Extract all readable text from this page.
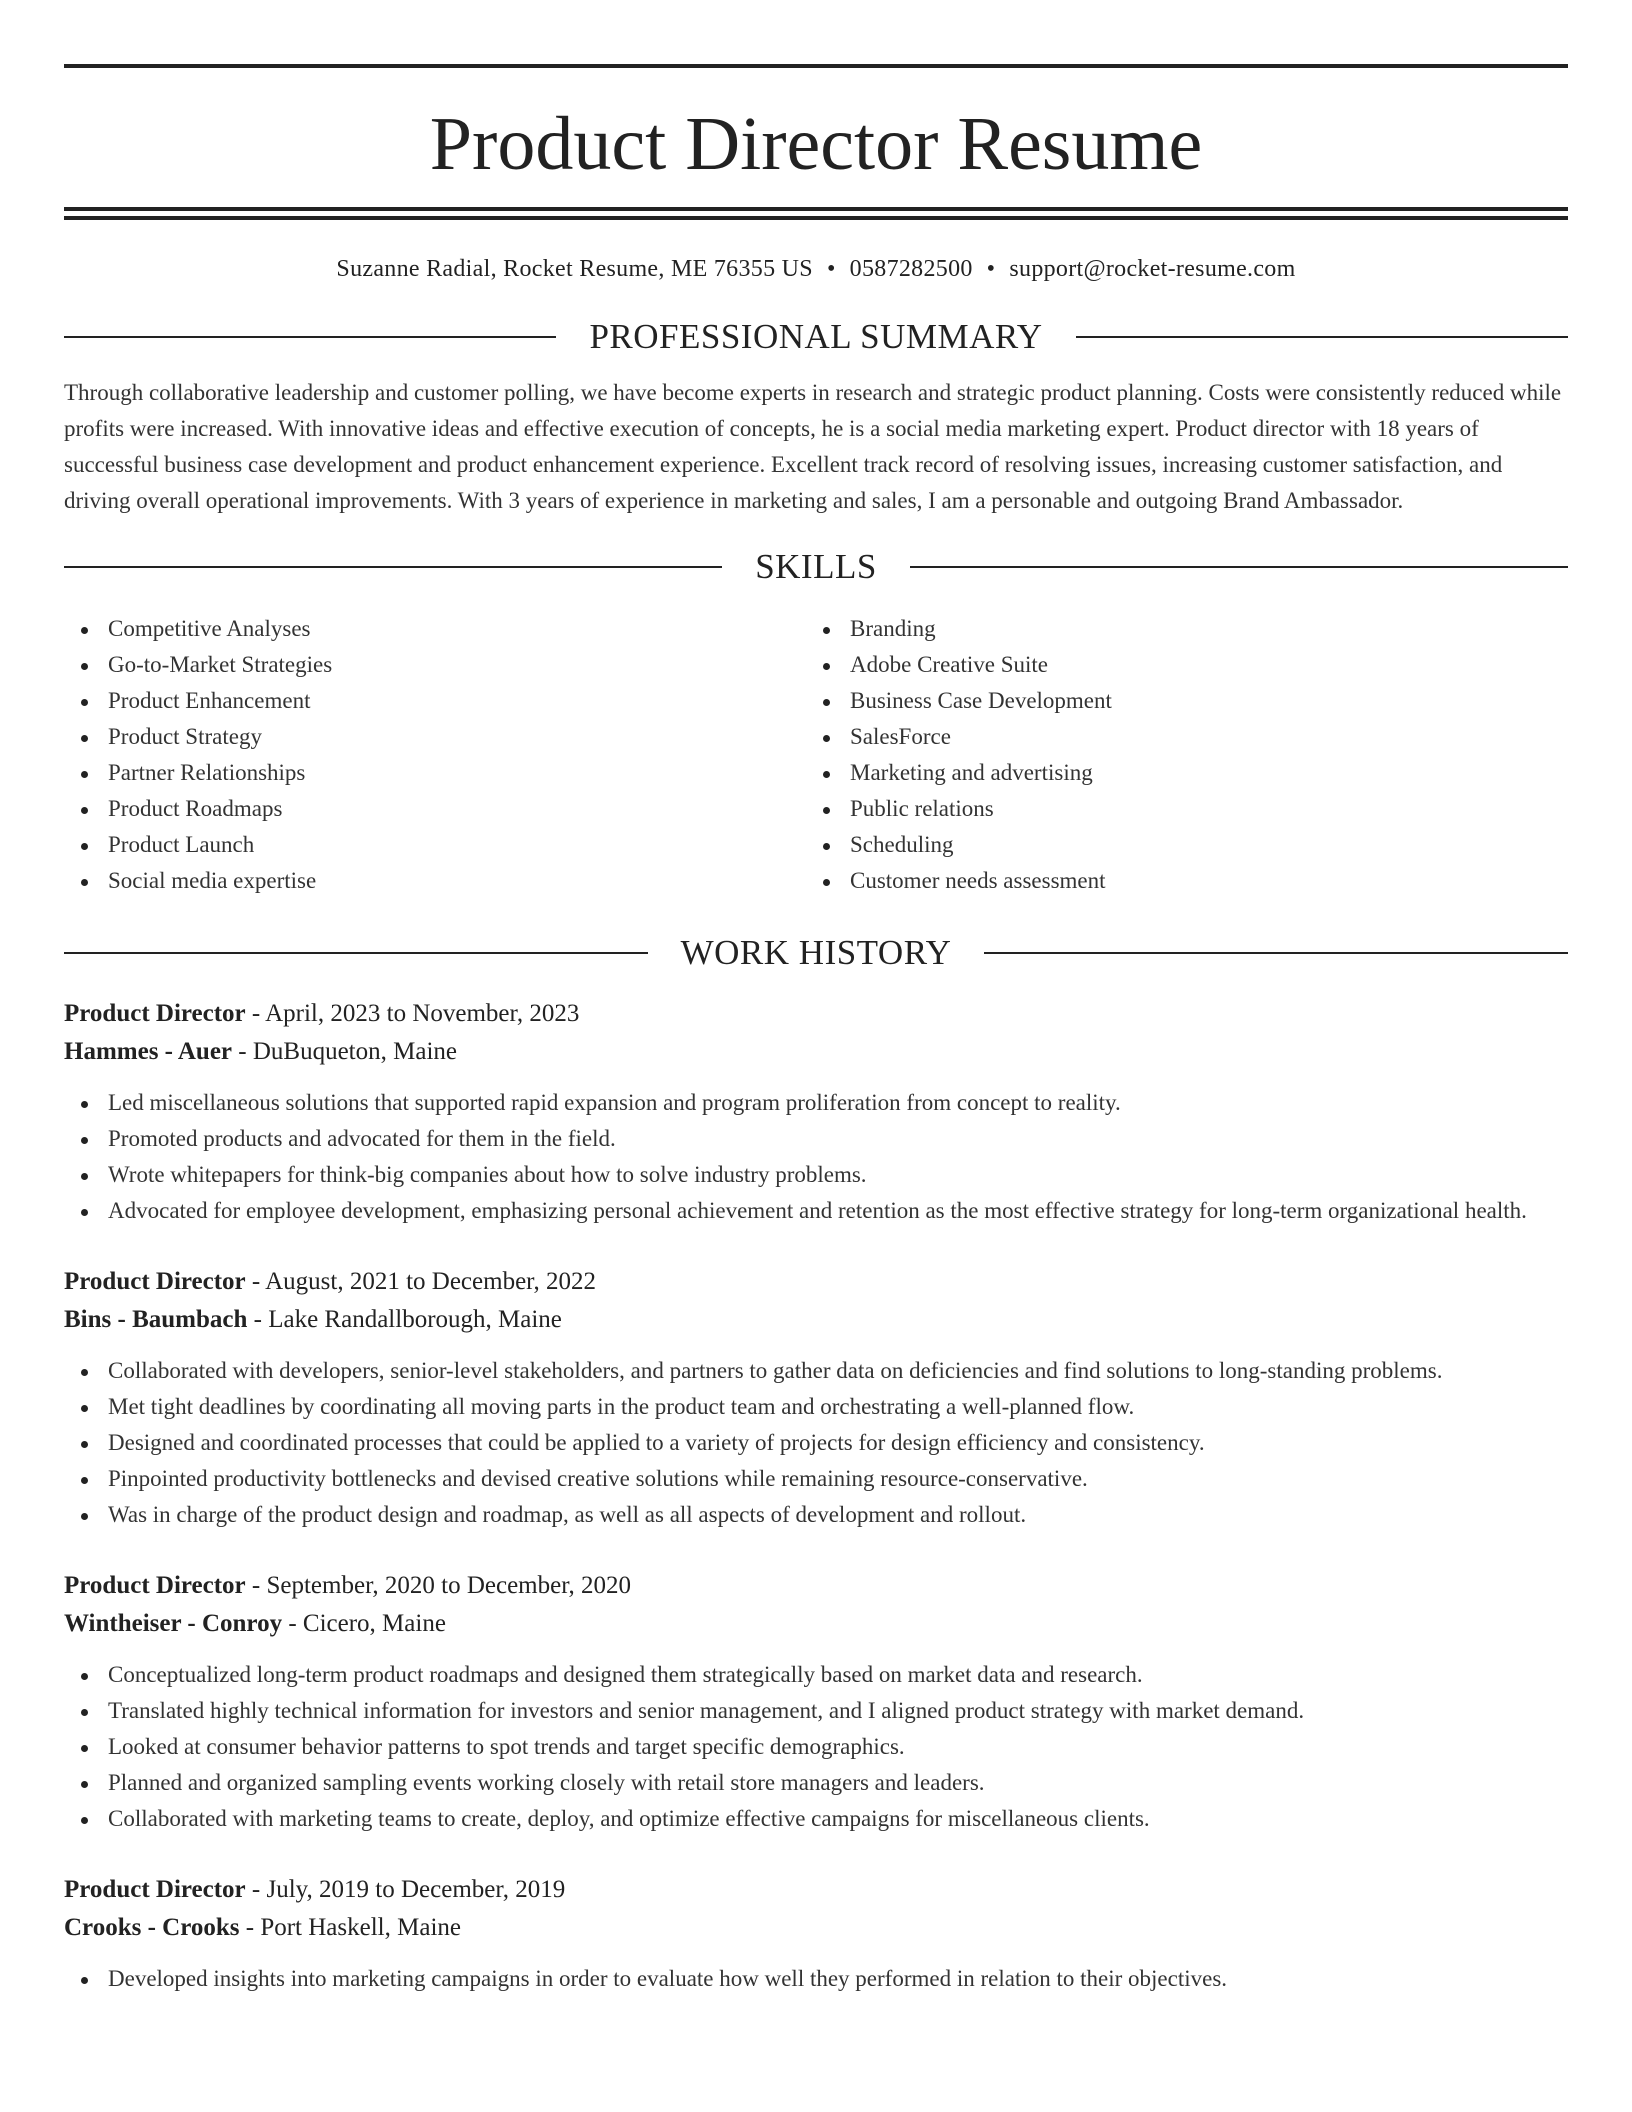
Product Director Resume
Suzanne Radial, Rocket Resume, ME 76355 US • 0587282500 • support@rocket-resume.com
PROFESSIONAL SUMMARY

Through collaborative leadership and customer polling, we have become experts in research and strategic product planning. Costs were consistently reduced while profits were increased. With innovative ideas and effective execution of concepts, he is a social media marketing expert. Product director with 18 years of successful business case development and product enhancement experience. Excellent track record of resolving issues, increasing customer satisfaction, and driving overall operational improvements. With 3 years of experience in marketing and sales, I am a personable and outgoing Brand Ambassador.

SKILLS
Competitive Analyses
Go-to-Market Strategies
Product Enhancement
Product Strategy
Partner Relationships
Product Roadmaps
Product Launch
Social media expertise
Branding
Adobe Creative Suite
Business Case Development
SalesForce
Marketing and advertising
Public relations
Scheduling
Customer needs assessment
WORK HISTORY
Product Director - April, 2023 to November, 2023
Hammes - Auer - DuBuqueton, Maine
Led miscellaneous solutions that supported rapid expansion and program proliferation from concept to reality.
Promoted products and advocated for them in the field.
Wrote whitepapers for think-big companies about how to solve industry problems.
Advocated for employee development, emphasizing personal achievement and retention as the most effective strategy for long-term organizational health.
Product Director - August, 2021 to December, 2022
Bins - Baumbach - Lake Randallborough, Maine
Collaborated with developers, senior-level stakeholders, and partners to gather data on deficiencies and find solutions to long-standing problems.
Met tight deadlines by coordinating all moving parts in the product team and orchestrating a well-planned flow.
Designed and coordinated processes that could be applied to a variety of projects for design efficiency and consistency.
Pinpointed productivity bottlenecks and devised creative solutions while remaining resource-conservative.
Was in charge of the product design and roadmap, as well as all aspects of development and rollout.
Product Director - September, 2020 to December, 2020
Wintheiser - Conroy - Cicero, Maine
Conceptualized long-term product roadmaps and designed them strategically based on market data and research.
Translated highly technical information for investors and senior management, and I aligned product strategy with market demand.
Looked at consumer behavior patterns to spot trends and target specific demographics.
Planned and organized sampling events working closely with retail store managers and leaders.
Collaborated with marketing teams to create, deploy, and optimize effective campaigns for miscellaneous clients.
Product Director - July, 2019 to December, 2019
Crooks - Crooks - Port Haskell, Maine
Developed insights into marketing campaigns in order to evaluate how well they performed in relation to their objectives.
